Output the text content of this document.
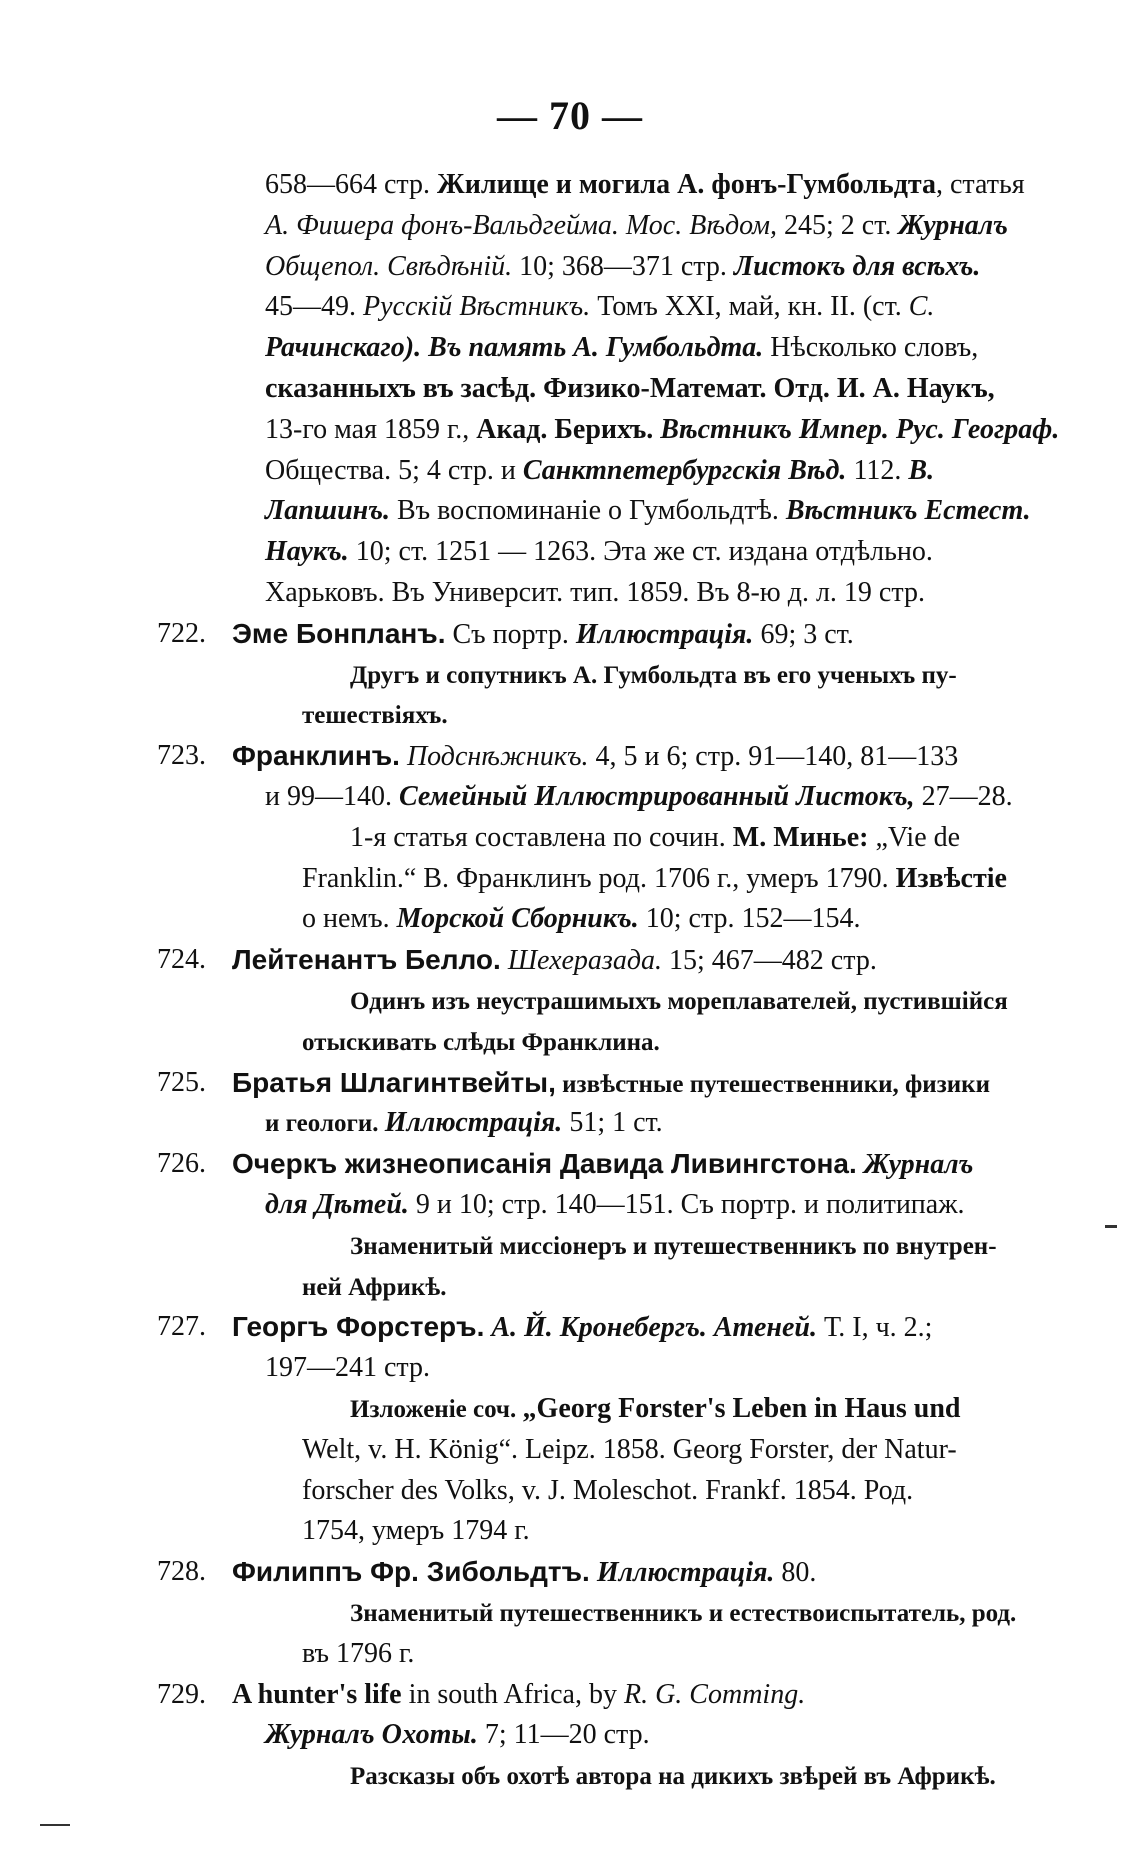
— 70 —
658—664 стр. Жилище и могила А. фонъ-Гумбольдта, статья
А. Фишера фонъ-Вальдгейма. Мос. Вѣдом, 245; 2 ст. Журналъ
Общепол. Свѣдѣній. 10; 368—371 стр. Листокъ для всѣхъ.
45—49. Русскій Вѣстникъ. Томъ XXI, май, кн. II. (ст. С.
Рачинскаго). Въ память А. Гумбольдта. Нѣсколько словъ,
сказанныхъ въ засѣд. Физико-Математ. Отд. И. А. Наукъ,
13-го мая 1859 г., Акад. Берихъ. Вѣстникъ Импер. Рус. Географ.
Общества. 5; 4 стр. и Санктпетербургскія Вѣд. 112. В.
Лапшинъ. Въ воспоминаніе о Гумбольдтѣ. Вѣстникъ Естест.
Наукъ. 10; ст. 1251 — 1263. Эта же ст. издана отдѣльно.
Харьковъ. Въ Университ. тип. 1859. Въ 8-ю д. л. 19 стр.
722. Эме Бонпланъ. Съ портр. Иллюстрація. 69; 3 ст.
Другъ и сопутникъ А. Гумбольдта въ его ученыхъ пу-
тешествіяхъ.
723. Франклинъ. Подснѣжникъ. 4, 5 и 6; стр. 91—140, 81—133
и 99—140. Семейный Иллюстрированный Листокъ, 27—28.
1-я статья составлена по сочин. М. Минье: „Vie de
Franklin.“ В. Франклинъ род. 1706 г., умеръ 1790. Извѣстіе
о немъ. Морской Сборникъ. 10; стр. 152—154.
724. Лейтенантъ Белло. Шехеразада. 15; 467—482 стр.
Одинъ изъ неустрашимыхъ мореплавателей, пустившійся
отыскивать слѣды Франклина.
725. Братья Шлагинтвейты, извѣстные путешественники, физики
и геологи. Иллюстрація. 51; 1 ст.
726. Очеркъ жизнеописанія Давида Ливингстона. Журналъ
для Дѣтей. 9 и 10; стр. 140—151. Съ портр. и политипаж.
Знаменитый миссіонеръ и путешественникъ по внутрен-
ней Африкѣ.
727. Георгъ Форстеръ. А. Й. Кронебергъ. Атеней. Т. I, ч. 2.;
197—241 стр.
Изложеніе соч. „Georg Forster's Leben in Haus und
Welt, v. H. König“. Leipz. 1858. Georg Forster, der Natur-
forscher des Volks, v. J. Moleschot. Frankf. 1854. Род.
1754, умеръ 1794 г.
728. Филиппъ Фр. Зибольдтъ. Иллюстрація. 80.
Знаменитый путешественникъ и естествоиспытатель, род.
въ 1796 г.
729. A hunter's life in south Africa, by R. G. Comming.
Журналъ Охоты. 7; 11—20 стр.
Разсказы объ охотѣ автора на дикихъ звѣрей въ Африкѣ.
